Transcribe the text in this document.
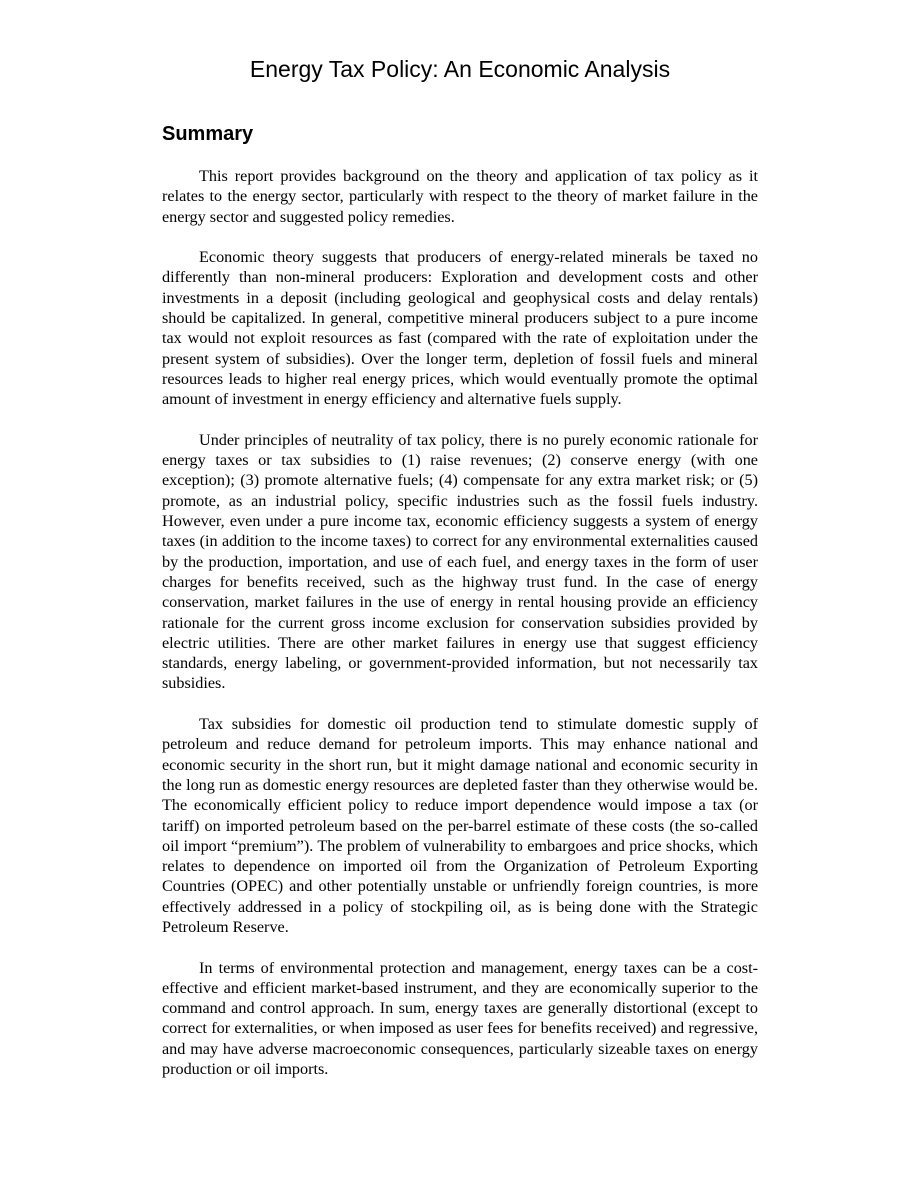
Energy Tax Policy: An Economic Analysis
Summary

This report provides background on the theory and application of tax policy as it relates to the energy sector, particularly with respect to the theory of market failure in the energy sector and suggested policy remedies.

Economic theory suggests that producers of energy-related minerals be taxed no differently than non-mineral producers: Exploration and development costs and other investments in a deposit (including geological and geophysical costs and delay rentals) should be capitalized. In general, competitive mineral producers subject to a pure income tax would not exploit resources as fast (compared with the rate of exploitation under the present system of subsidies). Over the longer term, depletion of fossil fuels and mineral resources leads to higher real energy prices, which would eventually promote the optimal amount of investment in energy efficiency and alternative fuels supply.

Under principles of neutrality of tax policy, there is no purely economic rationale for energy taxes or tax subsidies to (1) raise revenues; (2) conserve energy (with one exception); (3) promote alternative fuels; (4) compensate for any extra market risk; or (5) promote, as an industrial policy, specific industries such as the fossil fuels industry. However, even under a pure income tax, economic efficiency suggests a system of energy taxes (in addition to the income taxes) to correct for any environmental externalities caused by the production, importation, and use of each fuel, and energy taxes in the form of user charges for benefits received, such as the highway trust fund. In the case of energy conservation, market failures in the use of energy in rental housing provide an efficiency rationale for the current gross income exclusion for conservation subsidies provided by electric utilities. There are other market failures in energy use that suggest efficiency standards, energy labeling, or government-provided information, but not necessarily tax subsidies.

Tax subsidies for domestic oil production tend to stimulate domestic supply of petroleum and reduce demand for petroleum imports. This may enhance national and economic security in the short run, but it might damage national and economic security in the long run as domestic energy resources are depleted faster than they otherwise would be. The economically efficient policy to reduce import dependence would impose a tax (or tariff) on imported petroleum based on the per-barrel estimate of these costs (the so-called oil import “premium”). The problem of vulnerability to embargoes and price shocks, which relates to dependence on imported oil from the Organization of Petroleum Exporting Countries (OPEC) and other potentially unstable or unfriendly foreign countries, is more effectively addressed in a policy of stockpiling oil, as is being done with the Strategic Petroleum Reserve.

In terms of environmental protection and management, energy taxes can be a cost-effective and efficient market-based instrument, and they are economically superior to the command and control approach. In sum, energy taxes are generally distortional (except to correct for externalities, or when imposed as user fees for benefits received) and regressive, and may have adverse macroeconomic consequences, particularly sizeable taxes on energy production or oil imports.
